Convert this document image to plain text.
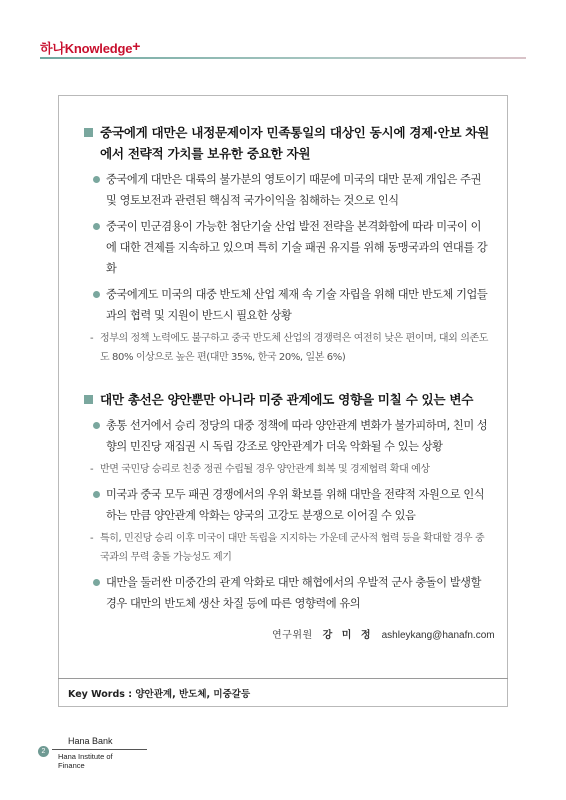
하나Knowledge+
중국에게 대만은 내정문제이자 민족통일의 대상인 동시에 경제·안보 차원에서 전략적 가치를 보유한 중요한 자원
중국에게 대만은 대륙의 불가분의 영토이기 때문에 미국의 대만 문제 개입은 주권 및 영토보전과 관련된 핵심적 국가이익을 침해하는 것으로 인식
중국이 민군겸용이 가능한 첨단기술 산업 발전 전략을 본격화함에 따라 미국이 이에 대한 견제를 지속하고 있으며 특히 기술 패권 유지를 위해 동맹국과의 연대를 강화
중국에게도 미국의 대중 반도체 산업 제재 속 기술 자립을 위해 대만 반도체 기업들과의 협력 및 지원이 반드시 필요한 상황
- 정부의 정책 노력에도 불구하고 중국 반도체 산업의 경쟁력은 여전히 낮은 편이며, 대외 의존도도 80% 이상으로 높은 편(대만 35%, 한국 20%, 일본 6%)
대만 총선은 양안뿐만 아니라 미중 관계에도 영향을 미칠 수 있는 변수
총통 선거에서 승리 정당의 대중 정책에 따라 양안관계 변화가 불가피하며, 친미 성향의 민진당 재집권 시 독립 강조로 양안관계가 더욱 악화될 수 있는 상황
- 반면 국민당 승리로 친중 정권 수립될 경우 양안관계 회복 및 경제협력 확대 예상
미국과 중국 모두 패권 경쟁에서의 우위 확보를 위해 대만을 전략적 자원으로 인식하는 만큼 양안관계 악화는 양국의 고강도 분쟁으로 이어질 수 있음
- 특히, 민진당 승리 이후 미국이 대만 독립을 지지하는 가운데 군사적 협력 등을 확대할 경우 중국과의 무력 충돌 가능성도 제기
대만을 둘러싼 미중간의 관계 악화로 대만 해협에서의 우발적 군사 충돌이 발생할 경우 대만의 반도체 생산 차질 등에 따른 영향력에 유의
연구위원 강 미 정 ashleykang@hanafn.com
Key Words : 양안관계, 반도체, 미중갈등
2
Hana Bank
Hana Institute of Finance
